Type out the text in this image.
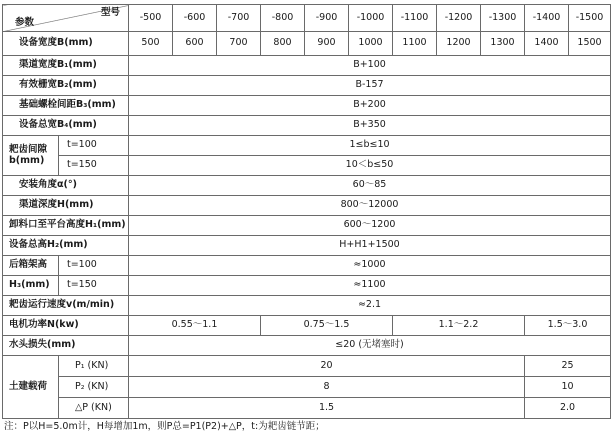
型号
参数		-500	-600	-700	-800	-900	-1000	-1100	-1200	-1300	-1400	-1500
设备宽度B(mm)		500	600	700	800	900	1000	1100	1200	1300	1400	1500
渠道宽度B₁(mm)		B+100										
有效栅宽B₂(mm)		B-157										
基础螺栓间距B₃(mm)		B+200										
设备总宽B₄(mm)		B+350										

耙齿间隙
b(mm)	t=100	1≤b≤10										
	t=150	10＜b≤50										
安装角度α(°)		60～85										
渠道深度H(mm)		800～12000										
卸料口至平台高度H₁(mm)		600～1200										
设备总高H₂(mm)		H+H1+1500										
后箱架高	t=100	≈1000										
H₃(mm)	t=150	≈1100										
耙齿运行速度v(m/min)		≈2.1										
电机功率N(kw)		0.55～1.1			0.75～1.5			1.1～2.2			1.5～3.0	
水头损失(mm)		≤20 (无堵塞时)										
土建载荷	P₁ (KN)	20									25	
	P₂ (KN)	8									10	
	△P (KN)	1.5									2.0	
注：P以H=5.0m计，H每增加1m，则P总=P1(P2)+△P，t:为耙齿链节距；
